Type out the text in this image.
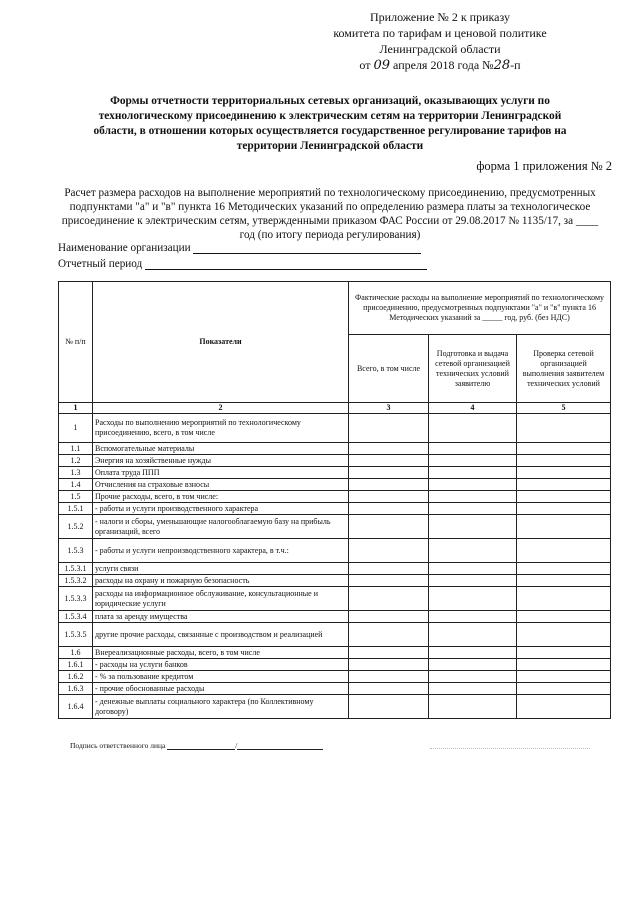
Приложение № 2 к приказу
комитета по тарифам и ценовой политике
Ленинградской области
от 09 апреля 2018 года №28-п
Формы отчетности территориальных сетевых организаций, оказывающих услуги по технологическому присоединению к электрическим сетям на территории Ленинградской области, в отношении которых осуществляется государственное регулирование тарифов на территории Ленинградской области
форма 1 приложения № 2
Расчет размера расходов на выполнение мероприятий по технологическому присоединению, предусмотренных подпунктами "а" и "в" пункта 16 Методических указаний по определению размера платы за технологическое присоединение к электрическим сетям, утвержденными приказом ФАС России от 29.08.2017 № 1135/17, за ____ год (по итогу периода регулирования)
Наименование организации
Отчетный период
№ п/п	Показатели	Фактические расходы на выполнение мероприятий по технологическому присоединению, предусмотренных подпунктами "а" и "в" пункта 16 Методических указаний за _____ год, руб. (без НДС)		
		Всего, в том числе	Подготовка и выдача сетевой организацией технических условий заявителю	Проверка сетевой организацией выполнения заявителем технических условий
1	2	3	4	5
1	Расходы по выполнению мероприятий по технологическому присоединению, всего, в том числе			
1.1	Вспомогательные материалы			
1.2	Энергия на хозяйственные нужды			
1.3	Оплата труда ППП			
1.4	Отчисления на страховые взносы			
1.5	Прочие расходы, всего, в том числе:			
1.5.1	- работы и услуги производственного характера			
1.5.2	- налоги и сборы, уменьшающие налогооблагаемую базу на прибыль организаций, всего			
1.5.3	- работы и услуги непроизводственного характера, в т.ч.:			
1.5.3.1	услуги связи			
1.5.3.2	расходы на охрану и пожарную безопасность			
1.5.3.3	расходы на информационное обслуживание, консультационные и юридические услуги			
1.5.3.4	плата за аренду имущества			
1.5.3.5	другие прочие расходы, связанные с производством и реализацией			
1.6	Внереализационные расходы, всего, в том числе			
1.6.1	- расходы на услуги банков			
1.6.2	- % за пользование кредитом			
1.6.3	- прочие обоснованные расходы			
1.6.4	- денежные выплаты социального характера (по Коллективному договору)			
Подпись ответственного лица	/
